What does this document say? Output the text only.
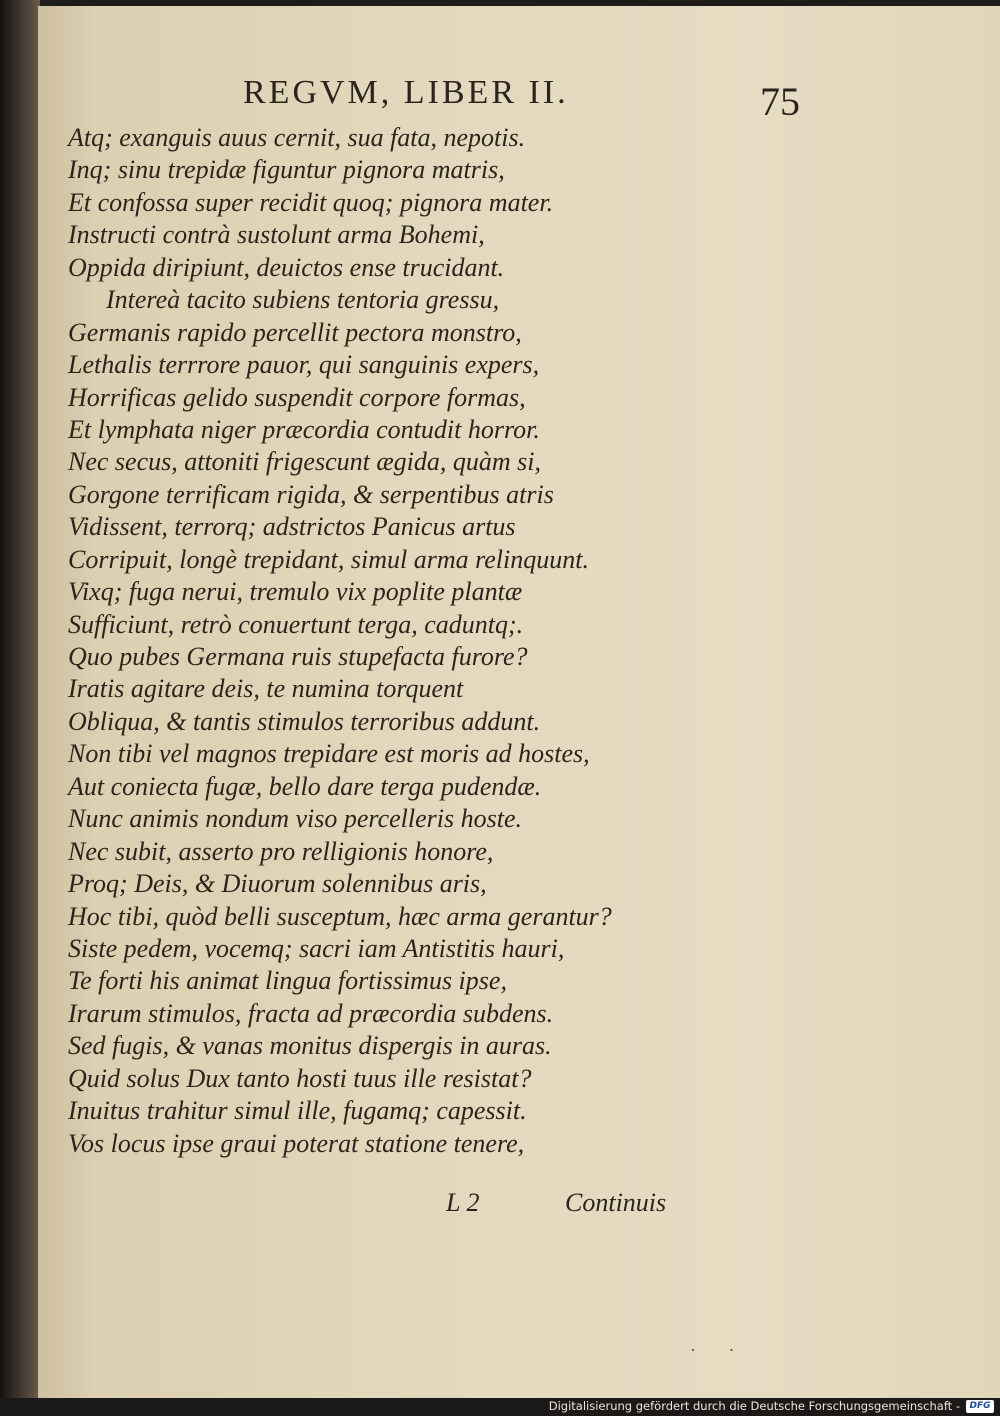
REGVM, LIBER II.	75
Atq; exanguis auus cernit, sua fata, nepotis.
Inq; sinu trepidæ figuntur pignora matris,
Et confossa super recidit quoq; pignora mater.
Instructi contrà sustolunt arma Bohemi,
Oppida diripiunt, deuictos ense trucidant.
Intereà tacito subiens tentoria gressu,
Germanis rapido percellit pectora monstro,
Lethalis terrrore pauor, qui sanguinis expers,
Horrificas gelido suspendit corpore formas,
Et lymphata niger præcordia contudit horror.
Nec secus, attoniti frigescunt ægida, quàm si,
Gorgone terrificam rigida, & serpentibus atris
Vidissent, terrorq; adstrictos Panicus artus
Corripuit, longè trepidant, simul arma relinquunt.
Vixq; fuga nerui, tremulo vix poplite plantæ
Sufficiunt, retrò conuertunt terga, caduntq;.
Quo pubes Germana ruis stupefacta furore?
Iratis agitare deis, te numina torquent
Obliqua, & tantis stimulos terroribus addunt.
Non tibi vel magnos trepidare est moris ad hostes,
Aut coniecta fugæ, bello dare terga pudendæ.
Nunc animis nondum viso percelleris hoste.
Nec subit, asserto pro relligionis honore,
Proq; Deis, & Diuorum solennibus aris,
Hoc tibi, quòd belli susceptum, hæc arma gerantur?
Siste pedem, vocemq; sacri iam Antistitis hauri,
Te forti his animat lingua fortissimus ipse,
Irarum stimulos, fracta ad præcordia subdens.
Sed fugis, & vanas monitus dispergis in auras.
Quid solus Dux tanto hosti tuus ille resistat?
Inuitus trahitur simul ille, fugamq; capessit.
Vos locus ipse graui poterat statione tenere,
L 2	Continuis
· ·
Digitalisierung gefördert durch die Deutsche Forschungsgemeinschaft -	DFG
